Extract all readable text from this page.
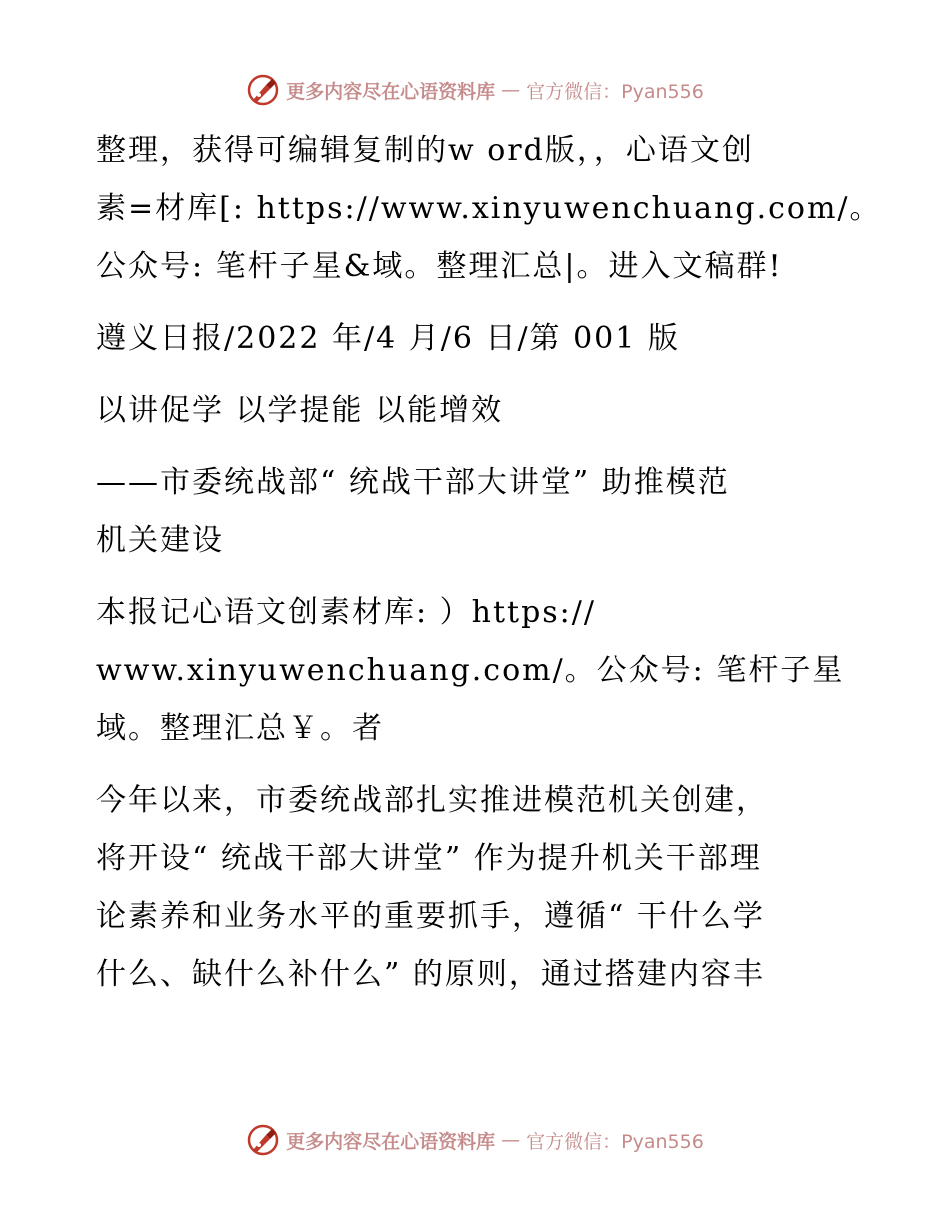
更多内容尽在心语资料库 — 官方微信：Pyan556
整理，获得可编辑复制的w ord版，，心语文创
素=材库[: https://www.xinyuwenchuang.com/。
公众号: 笔杆子星&域。整理汇总|。进入文稿群!
遵义日报/2022 年/4 月/6 日/第 001 版
以讲促学 以学提能 以能增效
——市委统战部“ 统战干部大讲堂” 助推模范
机关建设
本报记心语文创素材库: ）https://
www.xinyuwenchuang.com/。公众号: 笔杆子星
域。整理汇总￥。者
今年以来，市委统战部扎实推进模范机关创建，
将开设“ 统战干部大讲堂” 作为提升机关干部理
论素养和业务水平的重要抓手，遵循“ 干什么学
什么、缺什么补什么” 的原则，通过搭建内容丰
更多内容尽在心语资料库 — 官方微信：Pyan556
